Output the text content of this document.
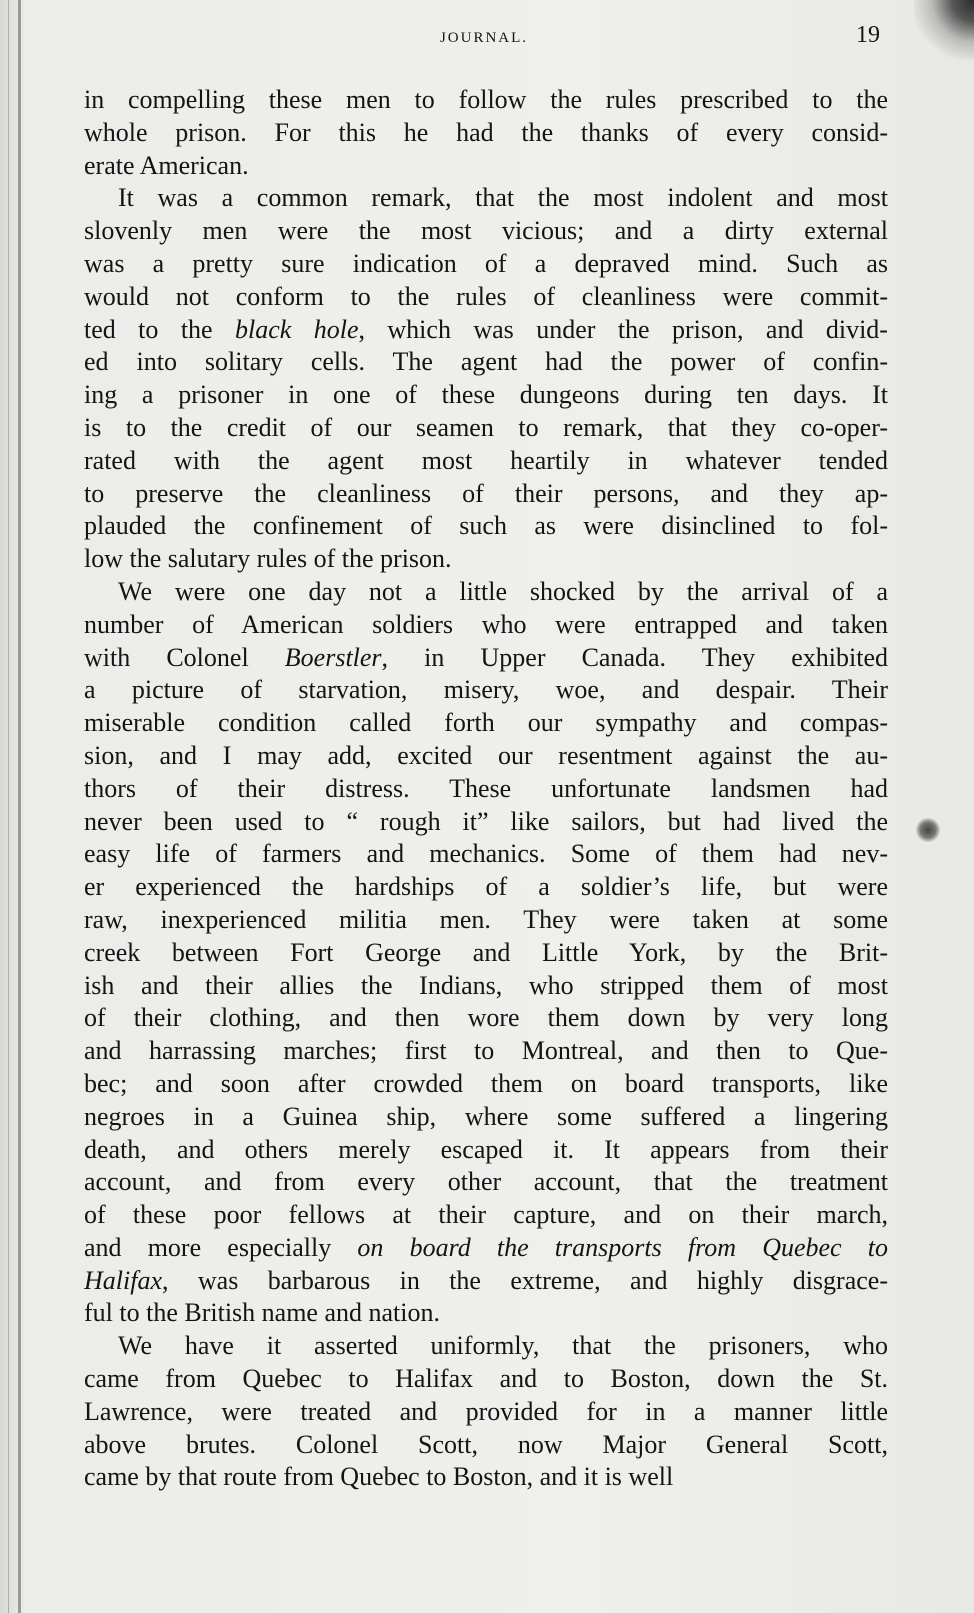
JOURNAL.	19
in compelling these men to follow the rules prescribed to the
whole prison. For this he had the thanks of every consid-
erate American.
It was a common remark, that the most indolent and most
slovenly men were the most vicious; and a dirty external
was a pretty sure indication of a depraved mind. Such as
would not conform to the rules of cleanliness were commit-
ted to the black hole, which was under the prison, and divid-
ed into solitary cells. The agent had the power of confin-
ing a prisoner in one of these dungeons during ten days. It
is to the credit of our seamen to remark, that they co-oper-
rated with the agent most heartily in whatever tended
to preserve the cleanliness of their persons, and they ap-
plauded the confinement of such as were disinclined to fol-
low the salutary rules of the prison.
We were one day not a little shocked by the arrival of a
number of American soldiers who were entrapped and taken
with Colonel Boerstler, in Upper Canada. They exhibited
a picture of starvation, misery, woe, and despair. Their
miserable condition called forth our sympathy and compas-
sion, and I may add, excited our resentment against the au-
thors of their distress. These unfortunate landsmen had
never been used to “ rough it” like sailors, but had lived the
easy life of farmers and mechanics. Some of them had nev-
er experienced the hardships of a soldier’s life, but were
raw, inexperienced militia men. They were taken at some
creek between Fort George and Little York, by the Brit-
ish and their allies the Indians, who stripped them of most
of their clothing, and then wore them down by very long
and harrassing marches; first to Montreal, and then to Que-
bec; and soon after crowded them on board transports, like
negroes in a Guinea ship, where some suffered a lingering
death, and others merely escaped it. It appears from their
account, and from every other account, that the treatment
of these poor fellows at their capture, and on their march,
and more especially on board the transports from Quebec to
Halifax, was barbarous in the extreme, and highly disgrace-
ful to the British name and nation.
We have it asserted uniformly, that the prisoners, who
came from Quebec to Halifax and to Boston, down the St.
Lawrence, were treated and provided for in a manner little
above brutes. Colonel Scott, now Major General Scott,
came by that route from Quebec to Boston, and it is well
